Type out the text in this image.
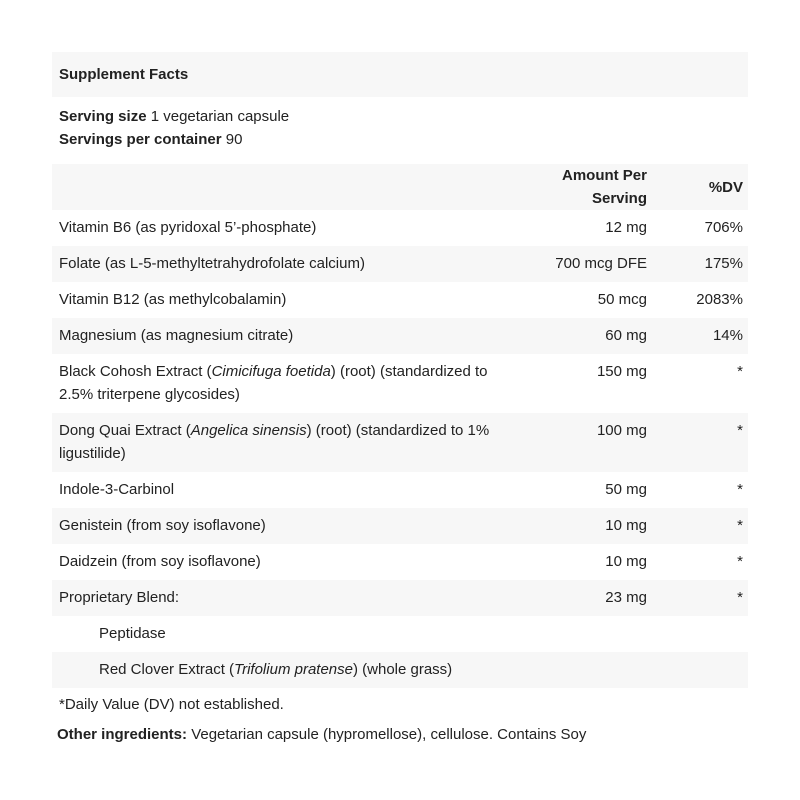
Supplement Facts
Serving size 1 vegetarian capsule
Servings per container 90
	Amount Per Serving	%DV
Vitamin B6 (as pyridoxal 5’-phosphate)	12 mg	706%
Folate (as L-5-methyltetrahydrofolate calcium)	700 mcg DFE	175%
Vitamin B12 (as methylcobalamin)	50 mcg	2083%
Magnesium (as magnesium citrate)	60 mg	14%
Black Cohosh Extract (Cimicifuga foetida) (root) (standardized to 2.5% triterpene glycosides)	150 mg	*
Dong Quai Extract (Angelica sinensis) (root) (standardized to 1% ligustilide)	100 mg	*
Indole-3-Carbinol	50 mg	*
Genistein (from soy isoflavone)	10 mg	*
Daidzein (from soy isoflavone)	10 mg	*
Proprietary Blend:	23 mg	*
Peptidase		
Red Clover Extract (Trifolium pratense) (whole grass)		
*Daily Value (DV) not established.
Other ingredients: Vegetarian capsule (hypromellose), cellulose. Contains Soy
